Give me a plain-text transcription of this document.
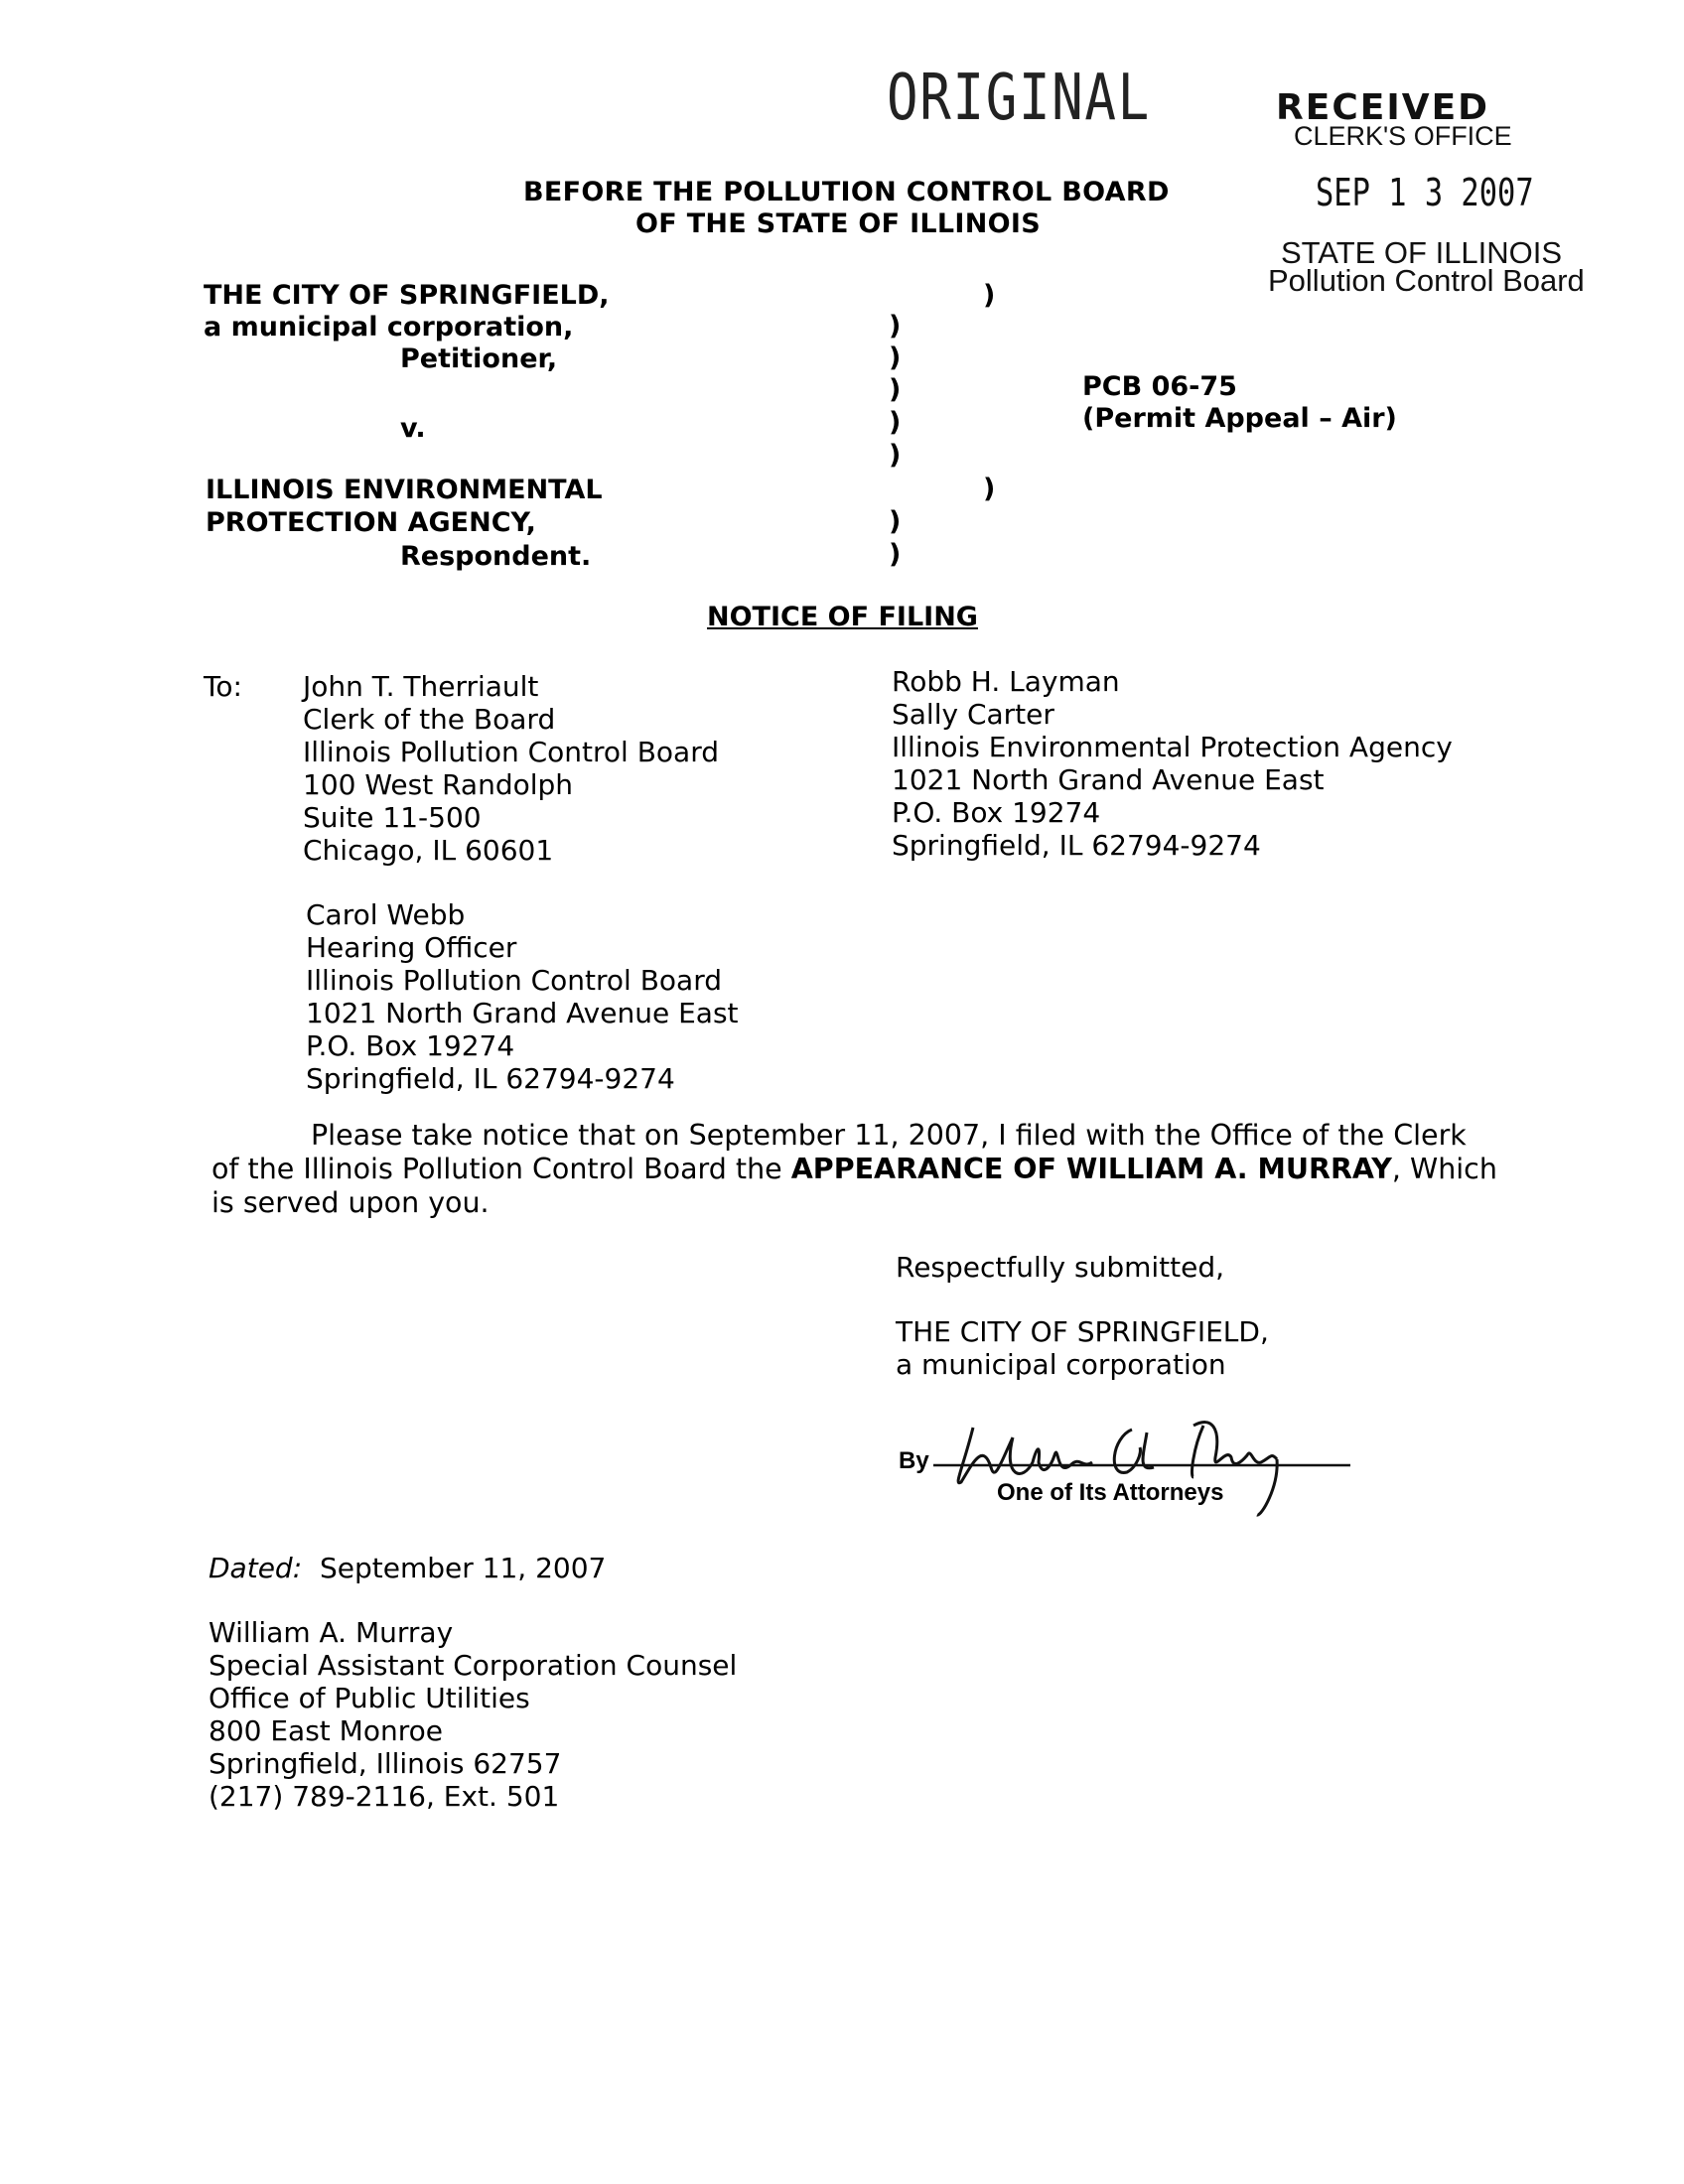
ORIGINAL	RECEIVED
CLERK'S OFFICE
SEP 1 3 2007
STATE OF ILLINOIS
Pollution Control Board
BEFORE THE POLLUTION CONTROL BOARD
OF THE STATE OF ILLINOIS
THE CITY OF SPRINGFIELD,
a municipal corporation,
Petitioner,
v.
ILLINOIS ENVIRONMENTAL
PROTECTION AGENCY,
Respondent.
)
)
)
)
)
)
)
)
)
PCB 06-75
(Permit Appeal – Air)
NOTICE OF FILING
To: John T. Therriault
Clerk of the Board
Illinois Pollution Control Board
100 West Randolph
Suite 11-500
Chicago, IL 60601
Robb H. Layman
Sally Carter
Illinois Environmental Protection Agency
1021 North Grand Avenue East
P.O. Box 19274
Springfield, IL 62794-9274
Carol Webb
Hearing Officer
Illinois Pollution Control Board
1021 North Grand Avenue East
P.O. Box 19274
Springfield, IL 62794-9274

Please take notice that on September 11, 2007, I filed with the Office of the Clerk of the Illinois Pollution Control Board the APPEARANCE OF WILLIAM A. MURRAY, Which is served upon you.

Respectfully submitted,
THE CITY OF SPRINGFIELD,
a municipal corporation
By
One of Its Attorneys
Dated: September 11, 2007
William A. Murray
Special Assistant Corporation Counsel
Office of Public Utilities
800 East Monroe
Springfield, Illinois 62757
(217) 789-2116, Ext. 501
